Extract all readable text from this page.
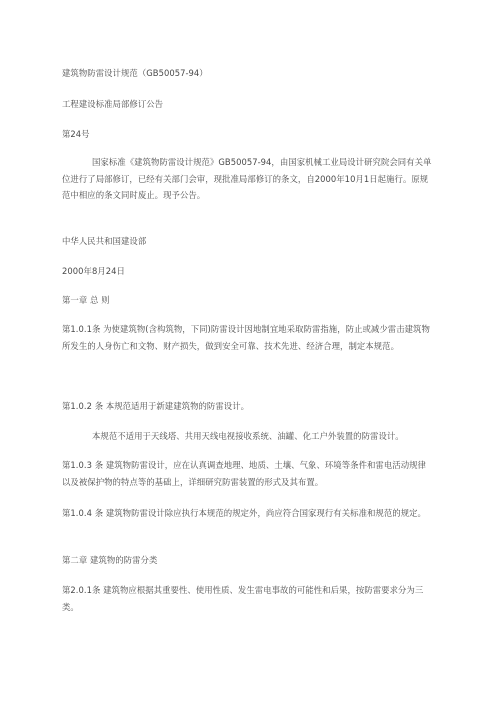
建筑物防雷设计规范（GB50057-94）
工程建设标准局部修订公告
第24号
国家标准《建筑物防雷设计规范》GB50057-94，由国家机械工业局设计研究院会同有关单位进行了局部修订，已经有关部门会审，现批准局部修订的条文，自2000年10月1日起施行。原规范中相应的条文同时废止。现予公告。
中华人民共和国建设部
2000年8月24日
第一章 总 则
第1.0.1条 为使建筑物(含构筑物，下同)防雷设计因地制宜地采取防雷指施，防止或减少雷击建筑物所发生的人身伤亡和文物、财产损失，做到安全可靠、技术先进、经济合理，制定本规范。
第1.0.2 条 本规范适用于新建建筑物的防雷设计。
本规范不适用于天线塔、共用天线电视接收系统、油罐、化工户外装置的防雷设计。
第1.0.3 条 建筑物防雷设计，应在认真调查地理、地质、土壤、气象、环境等条件和雷电活动规律以及被保护物的特点等的基础上，详细研究防雷装置的形式及其布置。
第1.0.4 条 建筑物防雷设计除应执行本规范的规定外，尚应符合国家现行有关标准和规范的规定。
第二章 建筑物的防雷分类
第2.0.1条 建筑物应根据其重要性、使用性质、发生雷电事故的可能性和后果，按防雷要求分为三类。
